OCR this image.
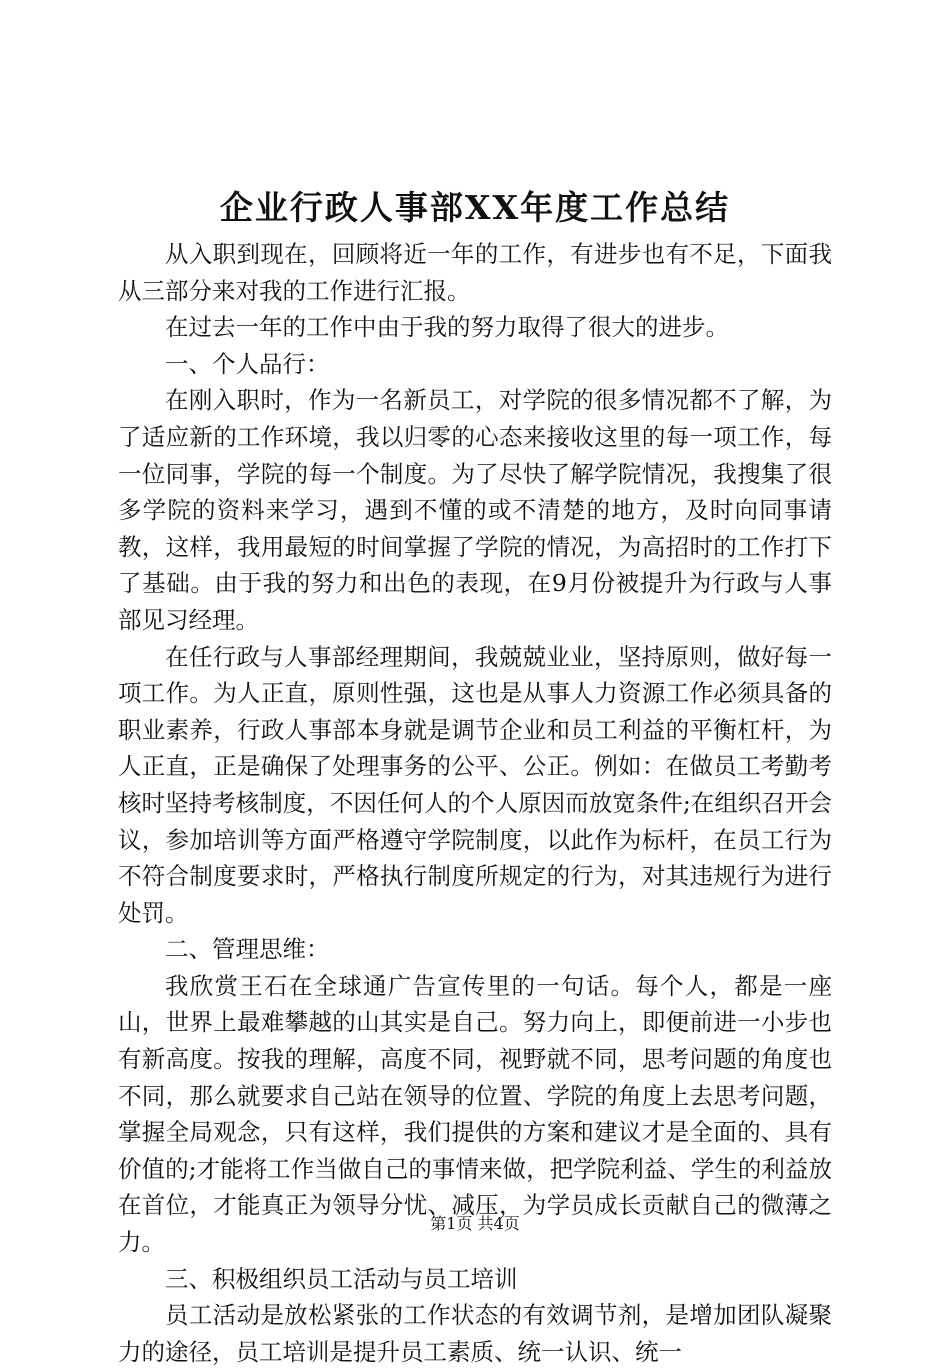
企业行政人事部XX年度工作总结

从入职到现在，回顾将近一年的工作，有进步也有不足，下面我从三部分来对我的工作进行汇报。

在过去一年的工作中由于我的努力取得了很大的进步。

一、个人品行：

在刚入职时，作为一名新员工，对学院的很多情况都不了解，为了适应新的工作环境，我以归零的心态来接收这里的每一项工作，每一位同事，学院的每一个制度。为了尽快了解学院情况，我搜集了很多学院的资料来学习，遇到不懂的或不清楚的地方，及时向同事请教，这样，我用最短的时间掌握了学院的情况，为高招时的工作打下了基础。由于我的努力和出色的表现，在9月份被提升为行政与人事部见习经理。

在任行政与人事部经理期间，我兢兢业业，坚持原则，做好每一项工作。为人正直，原则性强，这也是从事人力资源工作必须具备的职业素养，行政人事部本身就是调节企业和员工利益的平衡杠杆，为人正直，正是确保了处理事务的公平、公正。例如：在做员工考勤考核时坚持考核制度，不因任何人的个人原因而放宽条件;在组织召开会议，参加培训等方面严格遵守学院制度，以此作为标杆，在员工行为不符合制度要求时，严格执行制度所规定的行为，对其违规行为进行处罚。

二、管理思维：

我欣赏王石在全球通广告宣传里的一句话。每个人，都是一座山，世界上最难攀越的山其实是自己。努力向上，即便前进一小步也有新高度。按我的理解，高度不同，视野就不同，思考问题的角度也不同，那么就要求自己站在领导的位置、学院的角度上去思考问题，掌握全局观念，只有这样，我们提供的方案和建议才是全面的、具有价值的;才能将工作当做自己的事情来做，把学院利益、学生的利益放在首位，才能真正为领导分忧、减压，为学员成长贡献自己的微薄之力。

三、积极组织员工活动与员工培训

员工活动是放松紧张的工作状态的有效调节剂，是增加团队凝聚力的途径，员工培训是提升员工素质、统一认识、统一

第1页 共4页
